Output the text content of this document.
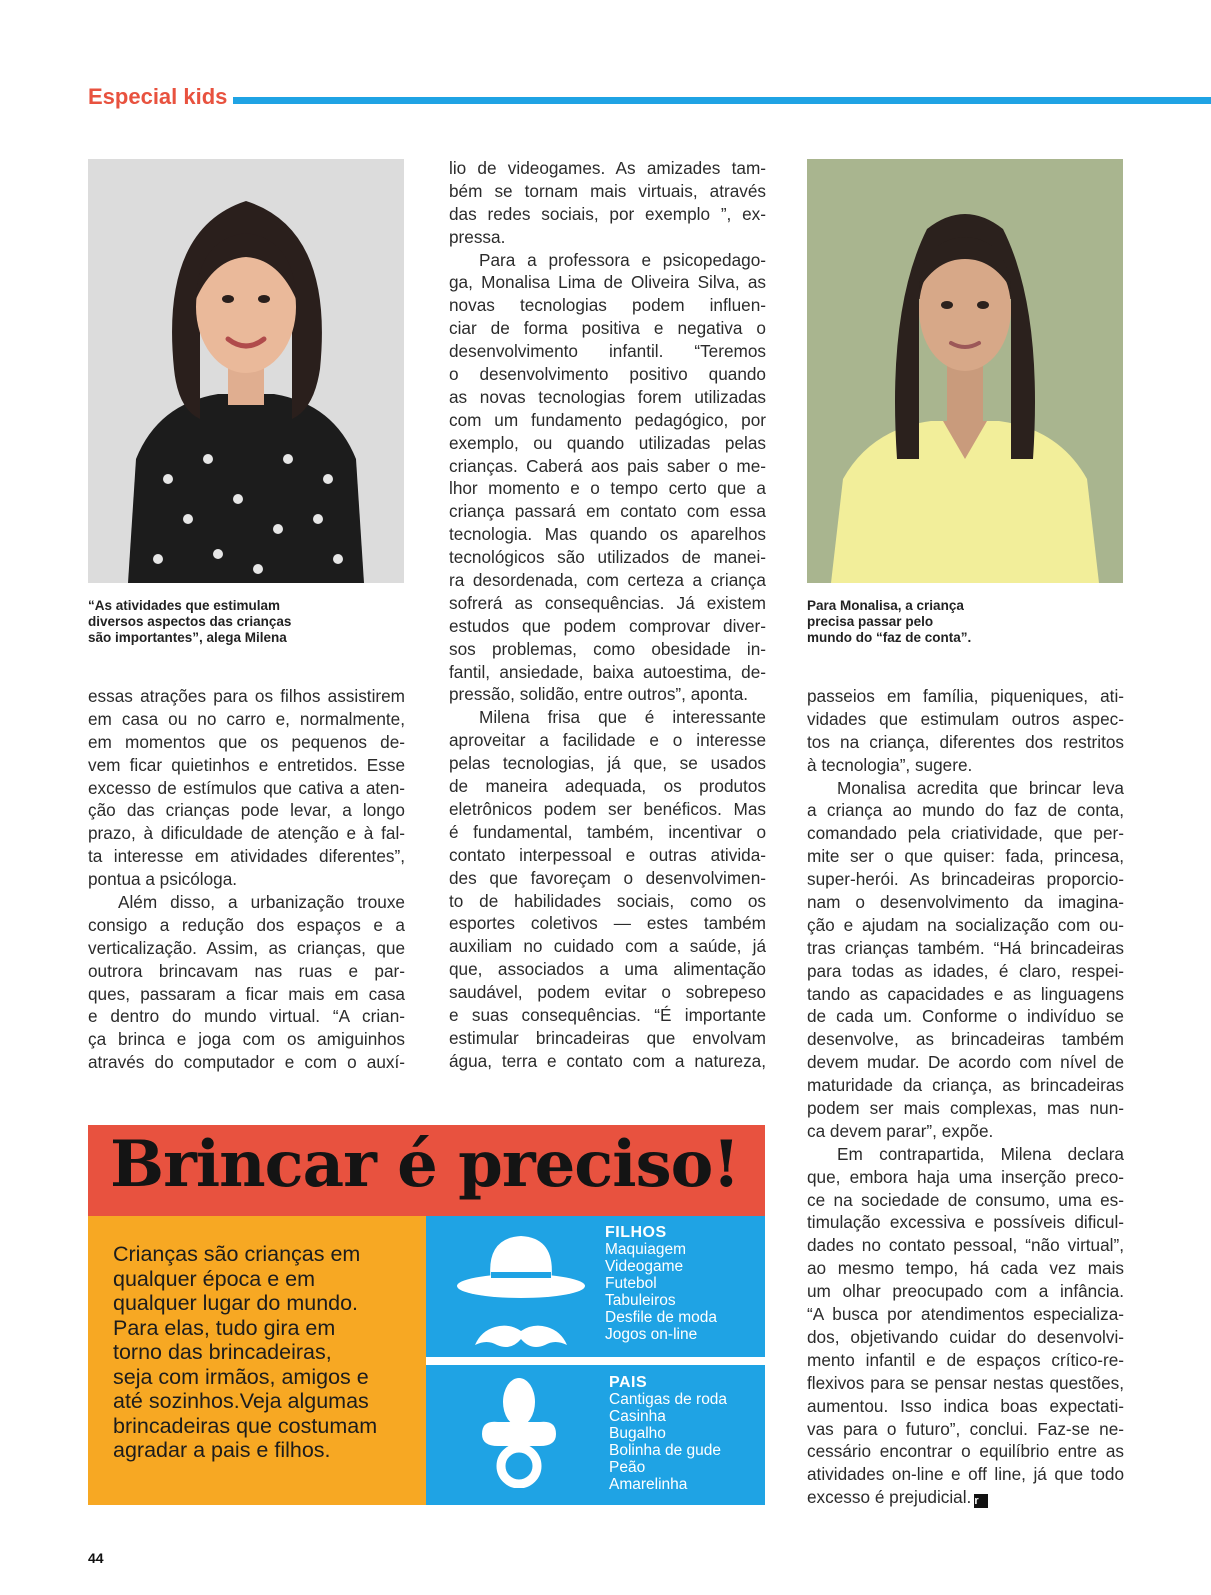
Especial kids
“As atividades que estimulam
diversos aspectos das crianças
são importantes”, alega Milena
Para Monalisa, a criança
precisa passar pelo
mundo do “faz de conta”.
essas atrações para os filhos assistirem
em casa ou no carro e, normalmente,
em momentos que os pequenos de-
vem ficar quietinhos e entretidos. Esse
excesso de estímulos que cativa a aten-
ção das crianças pode levar, a longo
prazo, à dificuldade de atenção e à fal-
ta interesse em atividades diferentes”,
pontua a psicóloga.
Além disso, a urbanização trouxe
consigo a redução dos espaços e a
verticalização. Assim, as crianças, que
outrora brincavam nas ruas e par-
ques, passaram a ficar mais em casa
e dentro do mundo virtual. “A crian-
ça brinca e joga com os amiguinhos
através do computador e com o auxí-
lio de videogames. As amizades tam-
bém se tornam mais virtuais, através
das redes sociais, por exemplo ”, ex-
pressa.
Para a professora e psicopedago-
ga, Monalisa Lima de Oliveira Silva, as
novas tecnologias podem influen-
ciar de forma positiva e negativa o
desenvolvimento infantil. “Teremos
o desenvolvimento positivo quando
as novas tecnologias forem utilizadas
com um fundamento pedagógico, por
exemplo, ou quando utilizadas pelas
crianças. Caberá aos pais saber o me-
lhor momento e o tempo certo que a
criança passará em contato com essa
tecnologia. Mas quando os aparelhos
tecnológicos são utilizados de manei-
ra desordenada, com certeza a criança
sofrerá as consequências. Já existem
estudos que podem comprovar diver-
sos problemas, como obesidade in-
fantil, ansiedade, baixa autoestima, de-
pressão, solidão, entre outros”, aponta.
Milena frisa que é interessante
aproveitar a facilidade e o interesse
pelas tecnologias, já que, se usados
de maneira adequada, os produtos
eletrônicos podem ser benéficos. Mas
é fundamental, também, incentivar o
contato interpessoal e outras ativida-
des que favoreçam o desenvolvimen-
to de habilidades sociais, como os
esportes coletivos — estes também
auxiliam no cuidado com a saúde, já
que, associados a uma alimentação
saudável, podem evitar o sobrepeso
e suas consequências. “É importante
estimular brincadeiras que envolvam
água, terra e contato com a natureza,
passeios em família, piqueniques, ati-
vidades que estimulam outros aspec-
tos na criança, diferentes dos restritos
à tecnologia”, sugere.
Monalisa acredita que brincar leva
a criança ao mundo do faz de conta,
comandado pela criatividade, que per-
mite ser o que quiser: fada, princesa,
super-herói. As brincadeiras proporcio-
nam o desenvolvimento da imagina-
ção e ajudam na socialização com ou-
tras crianças também. “Há brincadeiras
para todas as idades, é claro, respei-
tando as capacidades e as linguagens
de cada um. Conforme o indivíduo se
desenvolve, as brincadeiras também
devem mudar. De acordo com nível de
maturidade da criança, as brincadeiras
podem ser mais complexas, mas nun-
ca devem parar”, expõe.
Em contrapartida, Milena declara
que, embora haja uma inserção preco-
ce na sociedade de consumo, uma es-
timulação excessiva e possíveis dificul-
dades no contato pessoal, “não virtual”,
ao mesmo tempo, há cada vez mais
um olhar preocupado com a infância.
“A busca por atendimentos especializa-
dos, objetivando cuidar do desenvolvi-
mento infantil e de espaços crítico-re-
flexivos para se pensar nestas questões,
aumentou. Isso indica boas expectati-
vas para o futuro”, conclui. Faz-se ne-
cessário encontrar o equilíbrio entre as
atividades on-line e off line, já que todo
excesso é prejudicial. r
Brincar é preciso!
Crianças são crianças em
qualquer época e em
qualquer lugar do mundo.
Para elas, tudo gira em
torno das brincadeiras,
seja com irmãos, amigos e
até sozinhos.Veja algumas
brincadeiras que costumam
agradar a pais e filhos.
FILHOS
Maquiagem
Videogame
Futebol
Tabuleiros
Desfile de moda
Jogos on-line
PAIS
Cantigas de roda
Casinha
Bugalho
Bolinha de gude
Peão
Amarelinha
44
